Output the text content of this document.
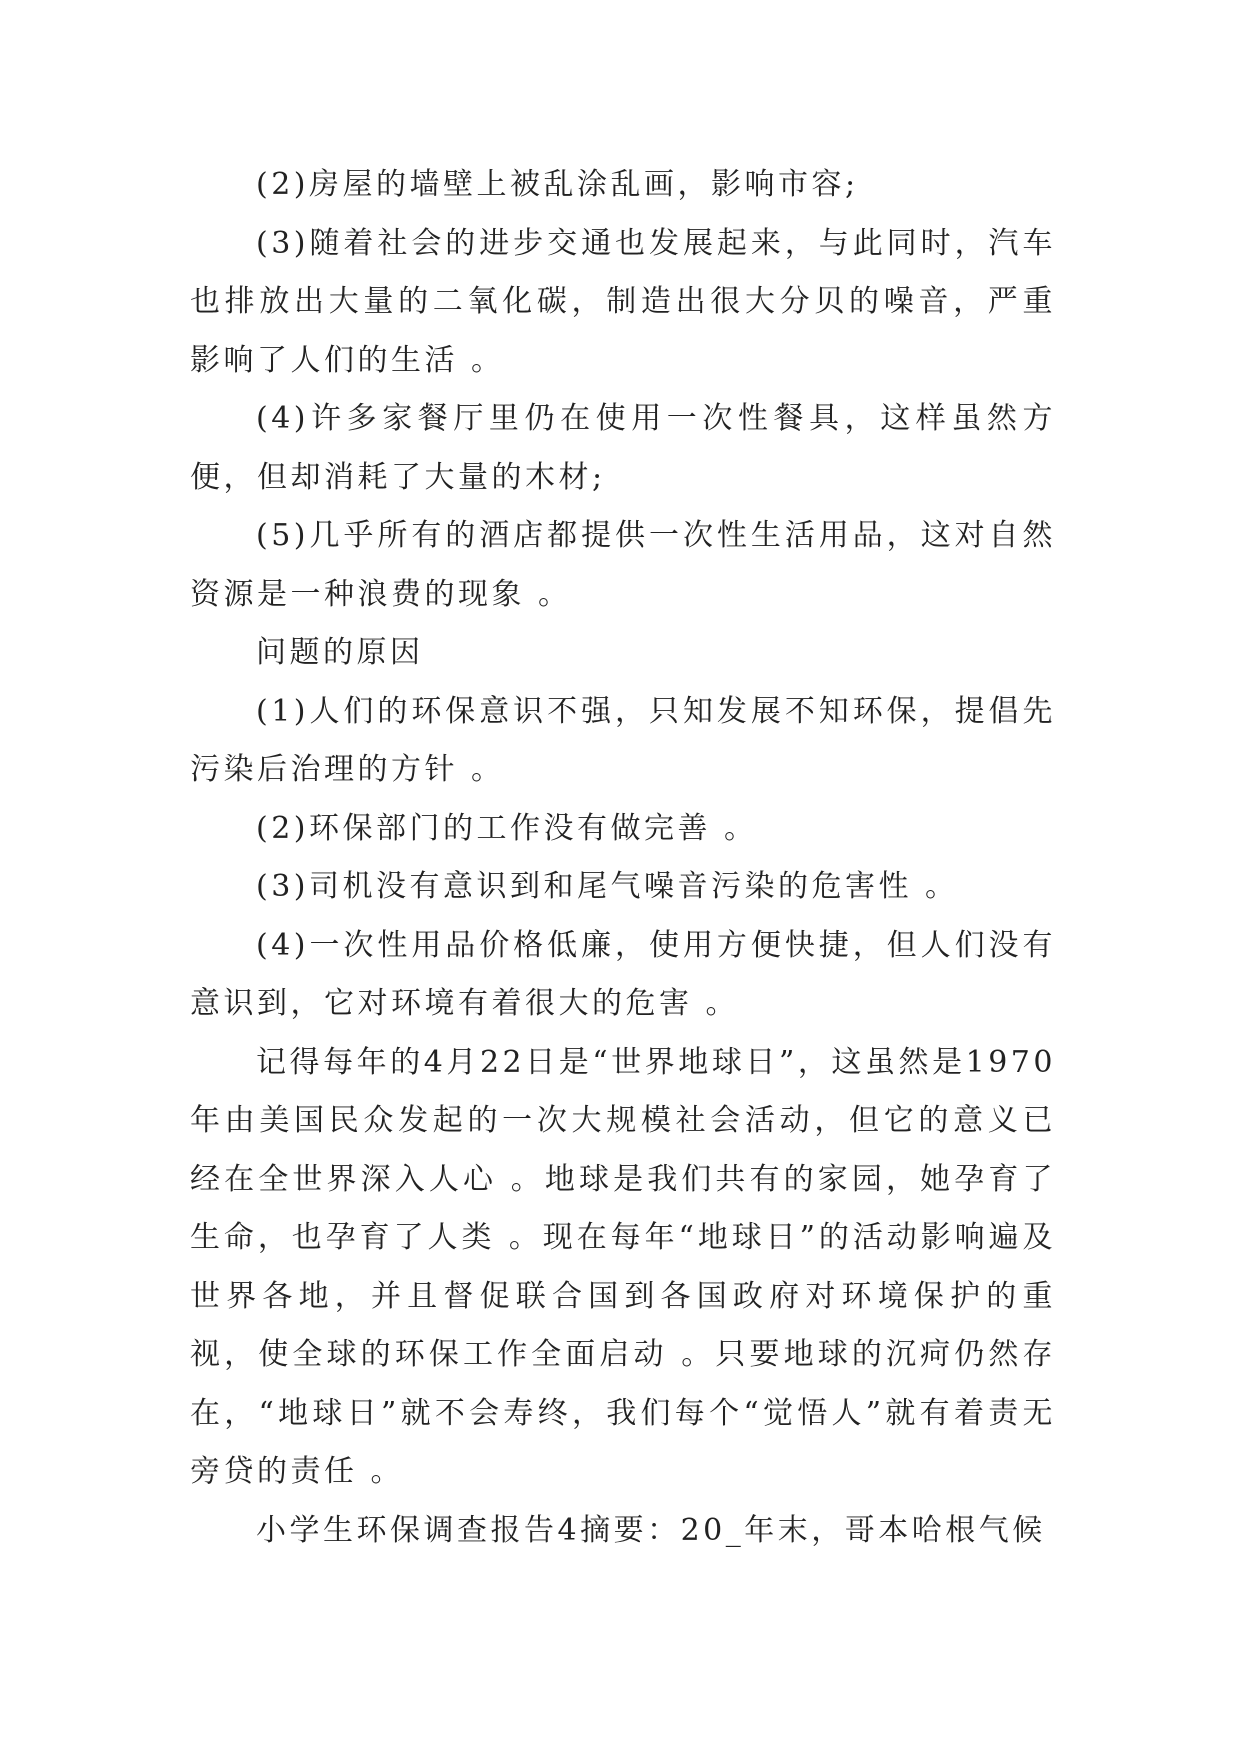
(2)房屋的墙壁上被乱涂乱画，影响市容;

(3)随着社会的进步交通也发展起来，与此同时，汽车也排放出大量的二氧化碳，制造出很大分贝的噪音，严重影响了人们的生活 。

(4)许多家餐厅里仍在使用一次性餐具，这样虽然方便，但却消耗了大量的木材;

(5)几乎所有的酒店都提供一次性生活用品，这对自然资源是一种浪费的现象 。

问题的原因

(1)人们的环保意识不强，只知发展不知环保，提倡先污染后治理的方针 。

(2)环保部门的工作没有做完善 。

(3)司机没有意识到和尾气噪音污染的危害性 。

(4)一次性用品价格低廉，使用方便快捷，但人们没有意识到，它对环境有着很大的危害 。

记得每年的4月22日是“世界地球日”，这虽然是1970年由美国民众发起的一次大规模社会活动，但它的意义已经在全世界深入人心 。地球是我们共有的家园，她孕育了生命，也孕育了人类 。现在每年“地球日”的活动影响遍及世界各地，并且督促联合国到各国政府对环境保护的重视，使全球的环保工作全面启动 。只要地球的沉疴仍然存在，“地球日”就不会寿终，我们每个“觉悟人”就有着责无旁贷的责任 。

小学生环保调查报告4摘要：20_年末，哥本哈根气候
